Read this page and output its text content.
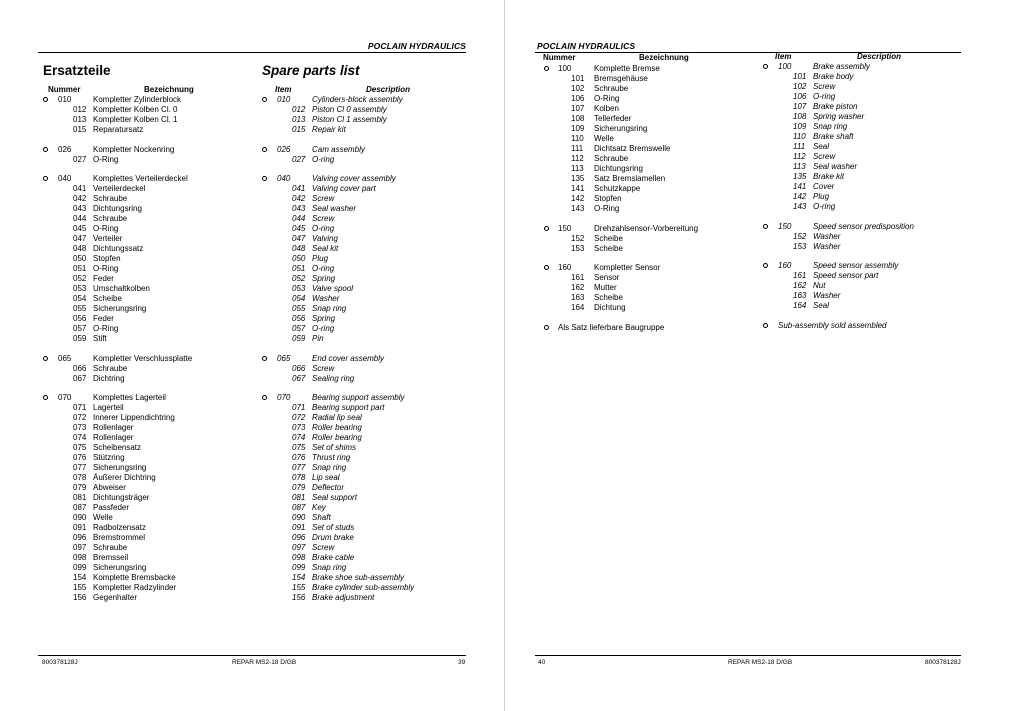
POCLAIN HYDRAULICS
Ersatzteile	Spare parts list
Nummer	Bezeichnung	Item	Description
010	Kompletter Zylinderblock
012 Kompletter Kolben Cl. 0
013 Kompletter Kolben Cl. 1
015 Reparatursatz
026	Kompletter Nockenring
027 O-Ring
040	Komplettes Verteilerdeckel
041 Verteilerdeckel
042 Schraube
043 Dichtungsring
044 Schraube
045 O-Ring
047 Verteiler
048 Dichtungssatz
050 Stopfen
051 O-Ring
052 Feder
053 Umschaltkolben
054 Scheibe
055 Sicherungsring
056 Feder
057 O-Ring
059 Stift
065	Kompletter Verschlussplatte
066 Schraube
067 Dichtring
070	Komplettes Lagerteil
071 Lagerteil
072 Innerer Lippendichtring
073 Rollenlager
074 Rollenlager
075 Scheibensatz
076 Stützring
077 Sicherungsring
078 Äußerer Dichtring
079 Abweiser
081 Dichtungsträger
087 Passfeder
090 Welle
091 Radbolzensatz
096 Bremstrommel
097 Schraube
098 Bremsseil
099 Sicherungsring
154 Komplette Bremsbacke
155 Kompletter Radzylinder
156 Gegenhalter
010	Cylinders-block assembly
012 Piston Cl 0 assembly
013 Piston Cl 1 assembly
015 Repair kit
026	Cam assembly
027 O-ring
040	Valving cover assembly
041 Valving cover part
042 Screw
043 Seal washer
044 Screw
045 O-ring
047 Valving
048 Seal kit
050 Plug
051 O-ring
052 Spring
053 Valve spool
054 Washer
055 Snap ring
056 Spring
057 O-ring
059 Pin
065	End cover assembly
066 Screw
067 Sealing ring
070	Bearing support assembly
071 Bearing support part
072 Radial lip seal
073 Roller bearing
074 Roller bearing
075 Set of shims
076 Thrust ring
077 Snap ring
078 Lip seal
079 Deflector
081 Seal support
087 Key
090 Shaft
091 Set of studs
096 Drum brake
097 Screw
098 Brake cable
099 Snap ring
154 Brake shoe sub-assembly
155 Brake cylinder sub-assembly
156 Brake adjustment
800378128J	REPAR MS2-18 D/GB	39
POCLAIN HYDRAULICS
Nummer	Bezeichnung	Item	Description
100	Komplette Bremse
101 Bremsgehäuse
102 Schraube
106 O-Ring
107 Kolben
108 Tellerfeder
109 Sicherungsring
110 Welle
111 Dichtsatz Bremswelle
112 Schraube
113 Dichtungsring
135 Satz Bremslamellen
141 Schutzkappe
142 Stopfen
143 O-Ring
150	Drehzahlsensor-Vorbereitung
152 Scheibe
153 Scheibe
160	Kompletter Sensor
161 Sensor
162 Mutter
163 Scheibe
164 Dichtung
Als Satz lieferbare Baugruppe
100	Brake assembly
101 Brake body
102 Screw
106 O-ring
107 Brake piston
108 Spring washer
109 Snap ring
110 Brake shaft
111 Seal
112 Screw
113 Seal washer
135 Brake kit
141 Cover
142 Plug
143 O-ring
150	Speed sensor predisposition
152 Washer
153 Washer
160	Speed sensor assembly
161 Speed sensor part
162 Nut
163 Washer
164 Seal
Sub-assembly sold assembled
40	REPAR MS2-18 D/GB	800378128J
